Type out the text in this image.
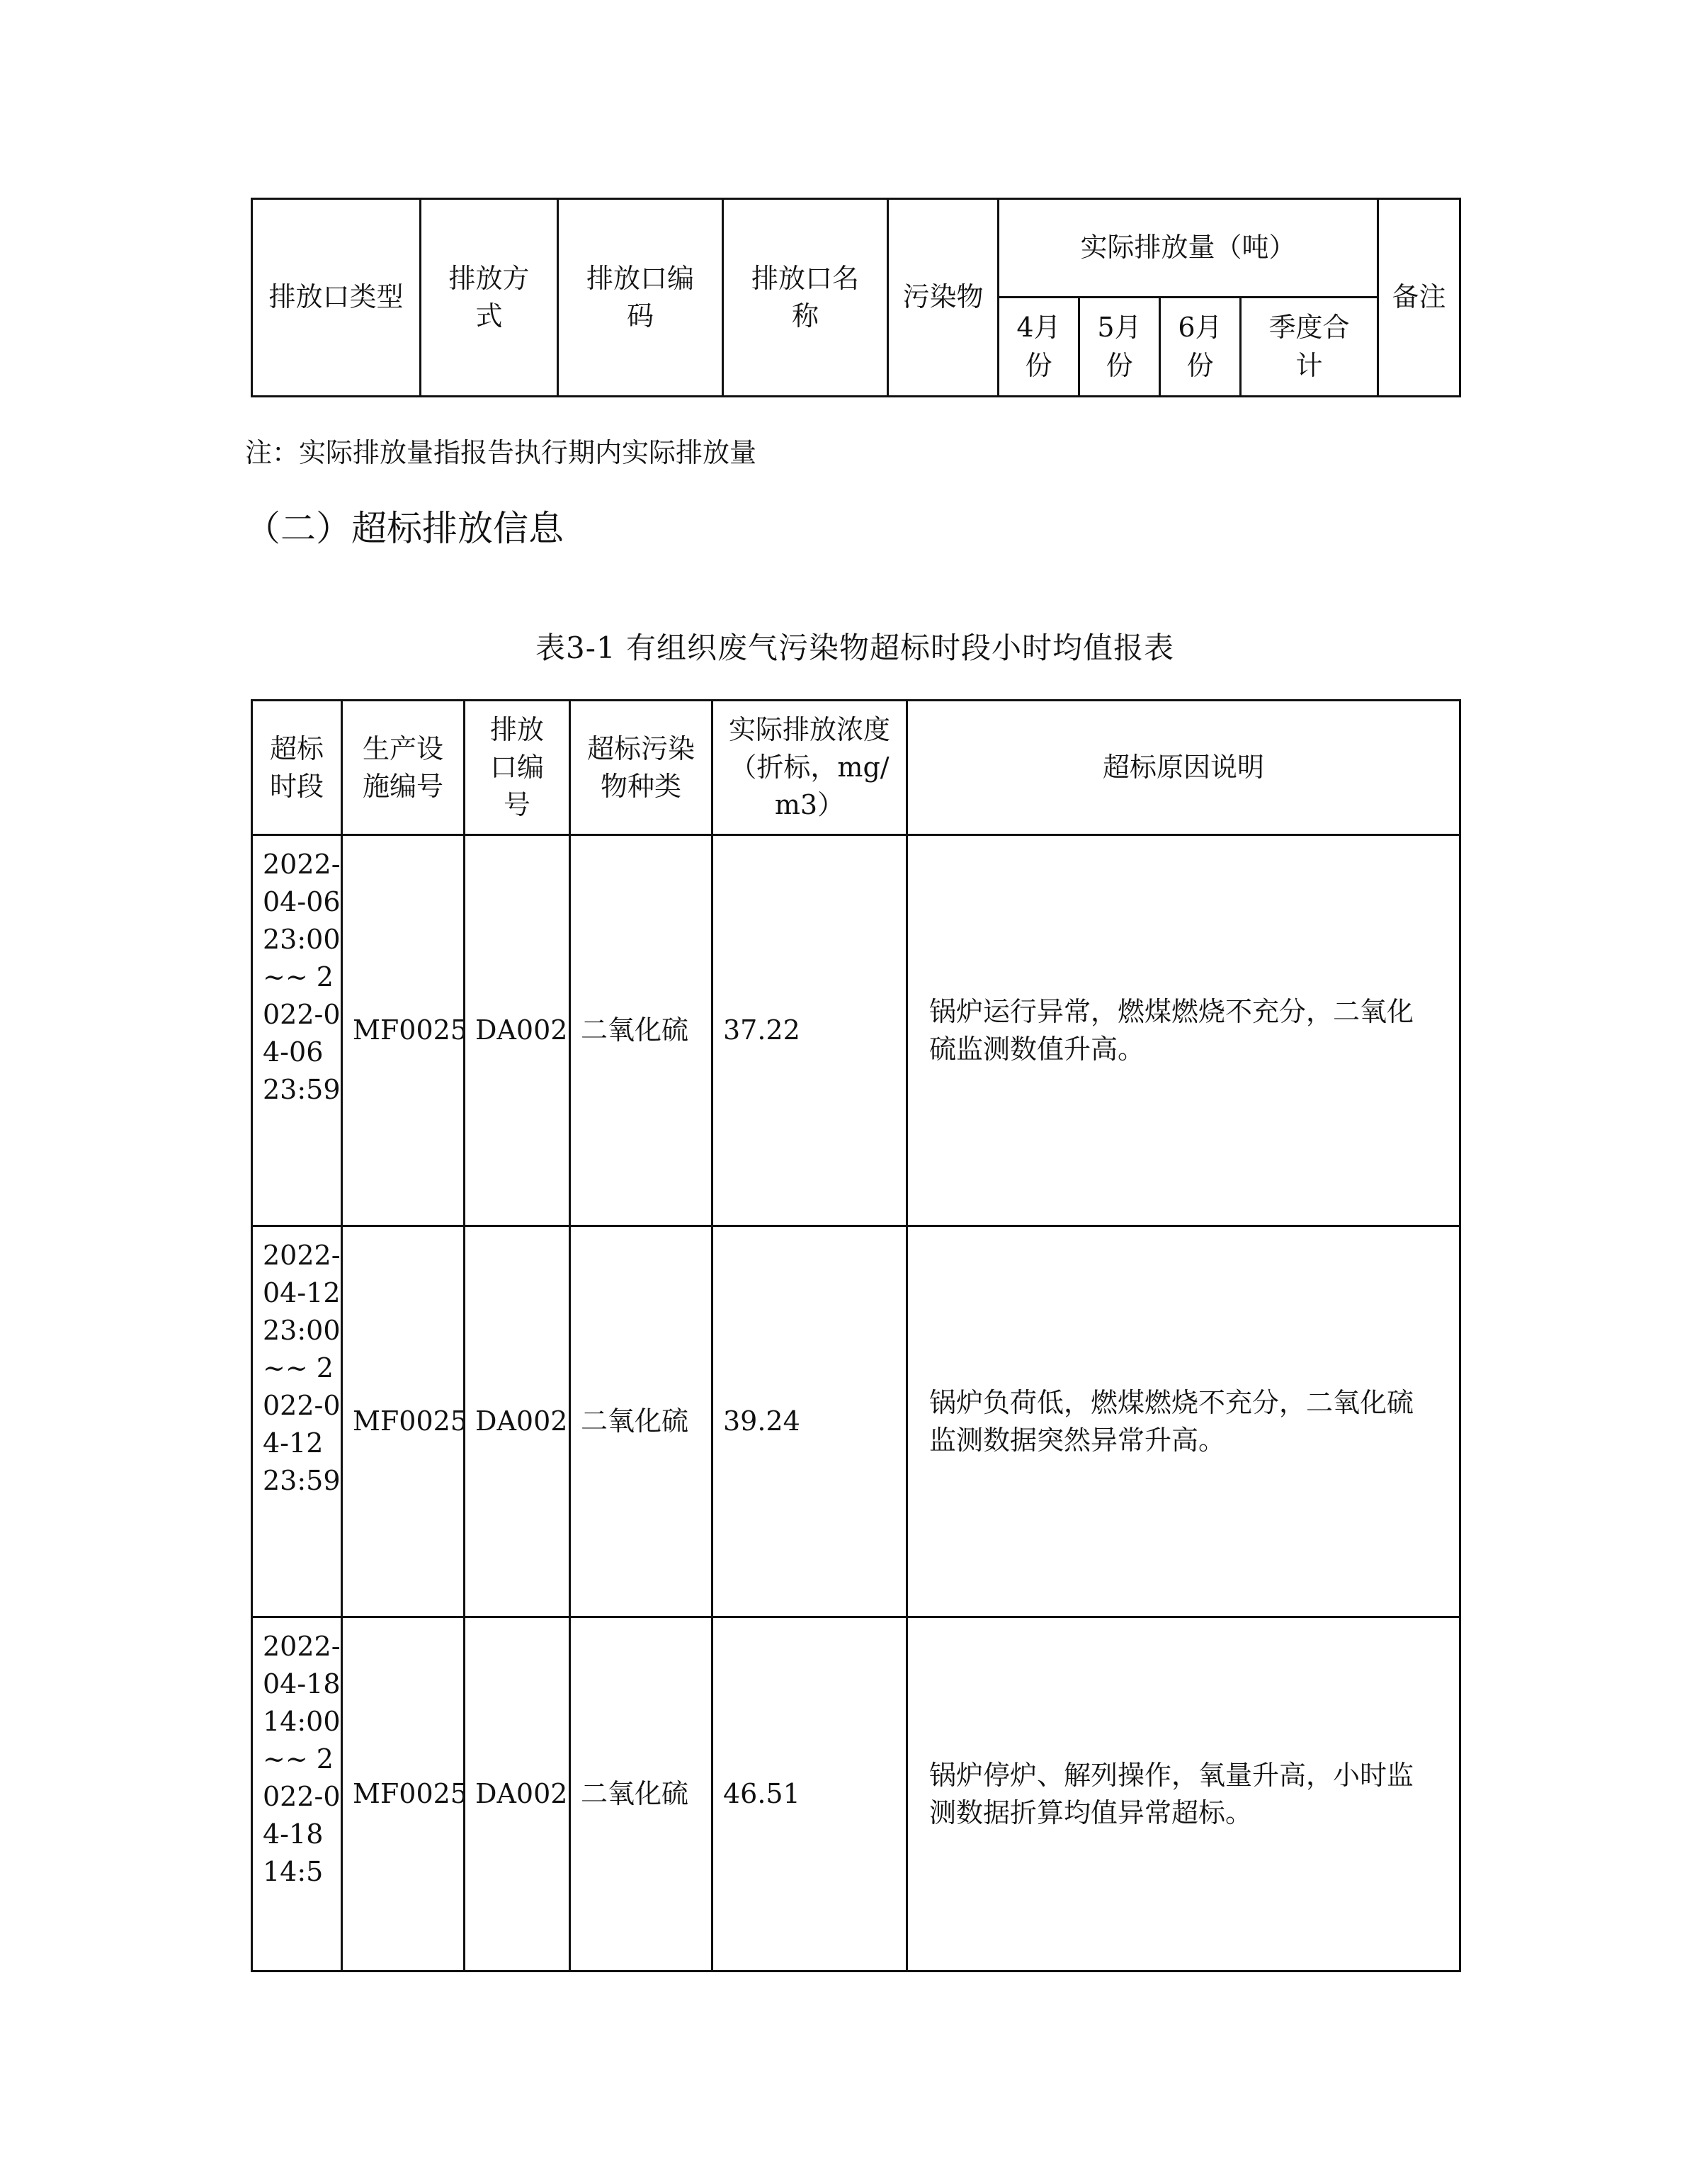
排放口类型	排放方式	排放口编码	排放口名称	污染物	实际排放量（吨）				备注
					4月份	5月份	6月份	季度合计	
注：实际排放量指报告执行期内实际排放量
（二）超标排放信息
表3-1 有组织废气污染物超标时段小时均值报表
超标时段	生产设施编号	排放口编号	超标污染物种类	实际排放浓度（折标，mg/m3）	超标原因说明
2022-04-06 23:00 ~~ 2022-04-06 23:59	MF0025	DA002	二氧化硫	37.22	锅炉运行异常，燃煤燃烧不充分，二氧化硫监测数值升高。
2022-04-12 23:00 ~~ 2022-04-12 23:59	MF0025	DA002	二氧化硫	39.24	锅炉负荷低，燃煤燃烧不充分，二氧化硫监测数据突然异常升高。
2022-04-18 14:00 ~~ 2022-04-18 14:5	MF0025	DA002	二氧化硫	46.51	锅炉停炉、解列操作，氧量升高，小时监测数据折算均值异常超标。
